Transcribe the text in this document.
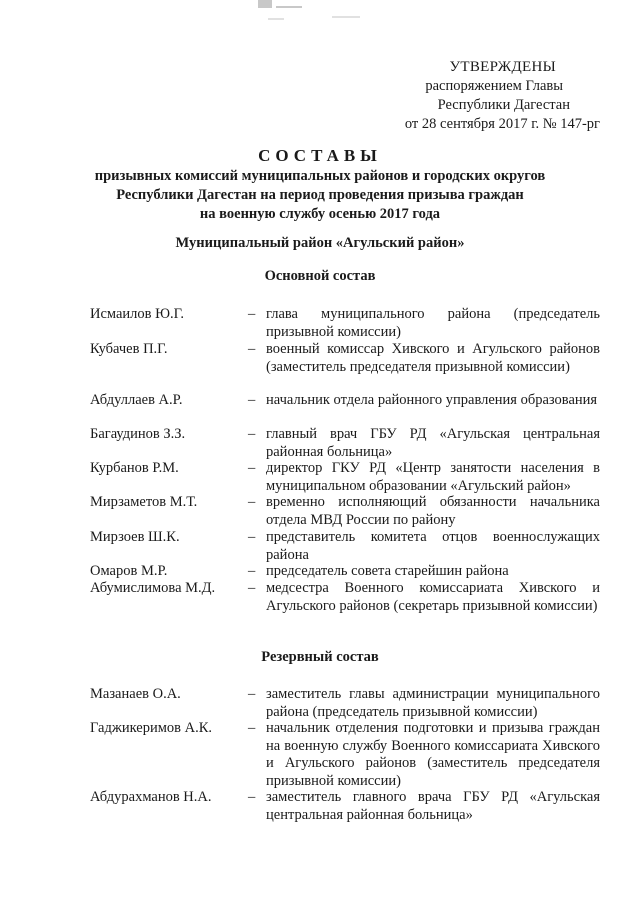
УТВЕРЖДЕНЫ
распоряжением Главы
Республики Дагестан
от 28 сентября 2017 г. № 147-рг
СОСТАВЫ
призывных комиссий муниципальных районов и городских округов
Республики Дагестан на период проведения призыва граждан
на военную службу осенью 2017 года
Муниципальный район «Агульский район»
Основной состав
Исмаилов Ю.Г.	– глава муниципального района (председатель призывной комиссии)
Кубачев П.Г.	– военный комиссар Хивского и Агульского районов (заместитель председателя призывной комиссии)
Абдуллаев А.Р.	– начальник отдела районного управления образования
Багаудинов З.З.	– главный врач ГБУ РД «Агульская центральная районная больница»
Курбанов Р.М.	– директор ГКУ РД «Центр занятости населения в муниципальном образовании «Агульский район»
Мирзаметов М.Т.	– временно исполняющий обязанности начальника отдела МВД России по району
Мирзоев Ш.К.	– представитель комитета отцов военнослужащих района
Омаров М.Р.	– председатель совета старейшин района
Абумислимова М.Д. – медсестра Военного комиссариата Хивского и Агульского районов (секретарь призывной комиссии)
Резервный состав
Мазанаев О.А.	– заместитель главы администрации муниципального района (председатель призывной комиссии)
Гаджикеримов А.К. – начальник отделения подготовки и призыва граждан на военную службу Военного комиссариата Хивского и Агульского районов (заместитель председателя призывной комиссии)
Абдурахманов Н.А.	– заместитель главного врача ГБУ РД «Агульская центральная районная больница»
